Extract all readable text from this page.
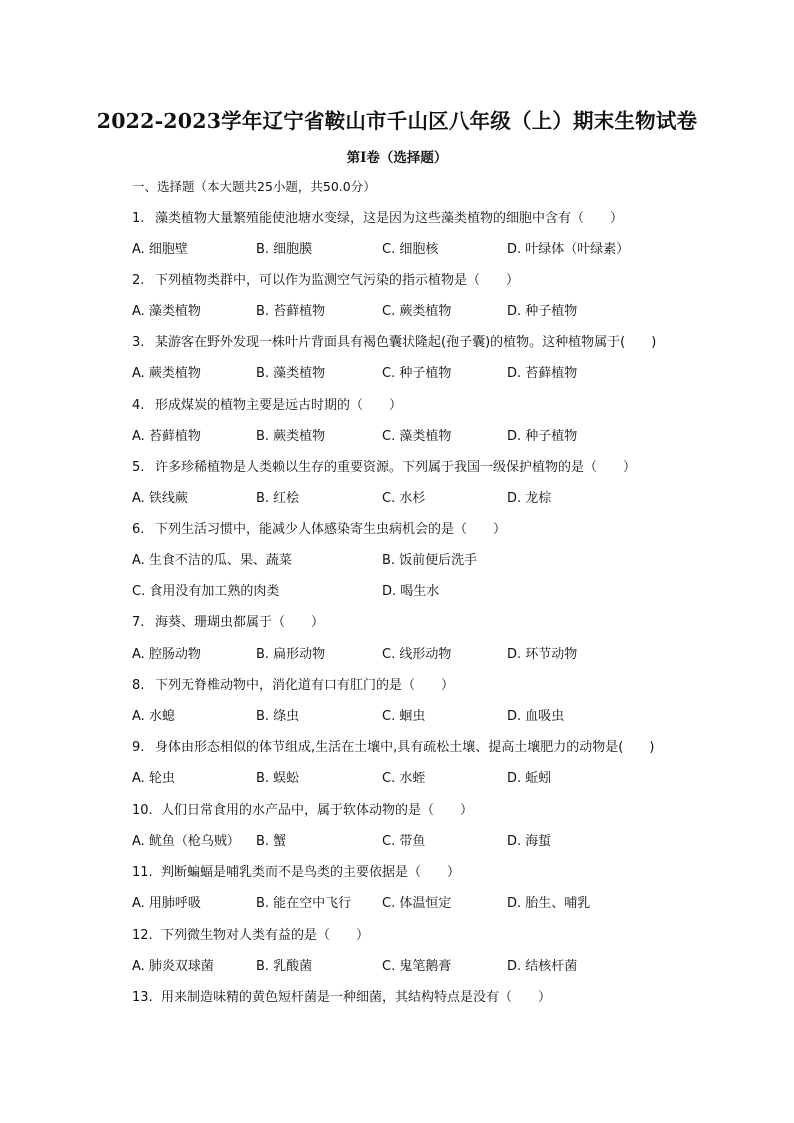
2022-2023学年辽宁省鞍山市千山区八年级（上）期末生物试卷
第I卷（选择题）
一、选择题（本大题共25小题，共50.0分）
1. 藻类植物大量繁殖能使池塘水变绿，这是因为这些藻类植物的细胞中含有（　　）
A. 细胞壁	B. 细胞膜	C. 细胞核	D. 叶绿体（叶绿素）
2. 下列植物类群中，可以作为监测空气污染的指示植物是（　　）
A. 藻类植物	B. 苔藓植物	C. 蕨类植物	D. 种子植物
3. 某游客在野外发现一株叶片背面具有褐色囊状隆起(孢子囊)的植物。这种植物属于(　　)
A. 蕨类植物	B. 藻类植物	C. 种子植物	D. 苔藓植物
4. 形成煤炭的植物主要是远古时期的（　　）
A. 苔藓植物	B. 蕨类植物	C. 藻类植物	D. 种子植物
5. 许多珍稀植物是人类赖以生存的重要资源。下列属于我国一级保护植物的是（　　）
A. 铁线蕨	B. 红桧	C. 水杉	D. 龙棕
6. 下列生活习惯中，能减少人体感染寄生虫病机会的是（　　）
A. 生食不洁的瓜、果、蔬菜	B. 饭前便后洗手
C. 食用没有加工熟的肉类	D. 喝生水
7. 海葵、珊瑚虫都属于（　　）
A. 腔肠动物	B. 扁形动物	C. 线形动物	D. 环节动物
8. 下列无脊椎动物中，消化道有口有肛门的是（　　）
A. 水螅	B. 绦虫	C. 蛔虫	D. 血吸虫
9. 身体由形态相似的体节组成,生活在土壤中,具有疏松土壤、提高土壤肥力的动物是(　　)
A. 轮虫	B. 蜈蚣	C. 水蛭	D. 蚯蚓
10. 人们日常食用的水产品中，属于软体动物的是（　　）
A. 鱿鱼（枪乌贼） B. 蟹	C. 带鱼	D. 海蜇
11. 判断蝙蝠是哺乳类而不是鸟类的主要依据是（　　）
A. 用肺呼吸	B. 能在空中飞行 C. 体温恒定	D. 胎生、哺乳
12. 下列微生物对人类有益的是（　　）
A. 肺炎双球菌	B. 乳酸菌	C. 鬼笔鹅膏	D. 结核杆菌
13. 用来制造味精的黄色短杆菌是一种细菌，其结构特点是没有（　　）
